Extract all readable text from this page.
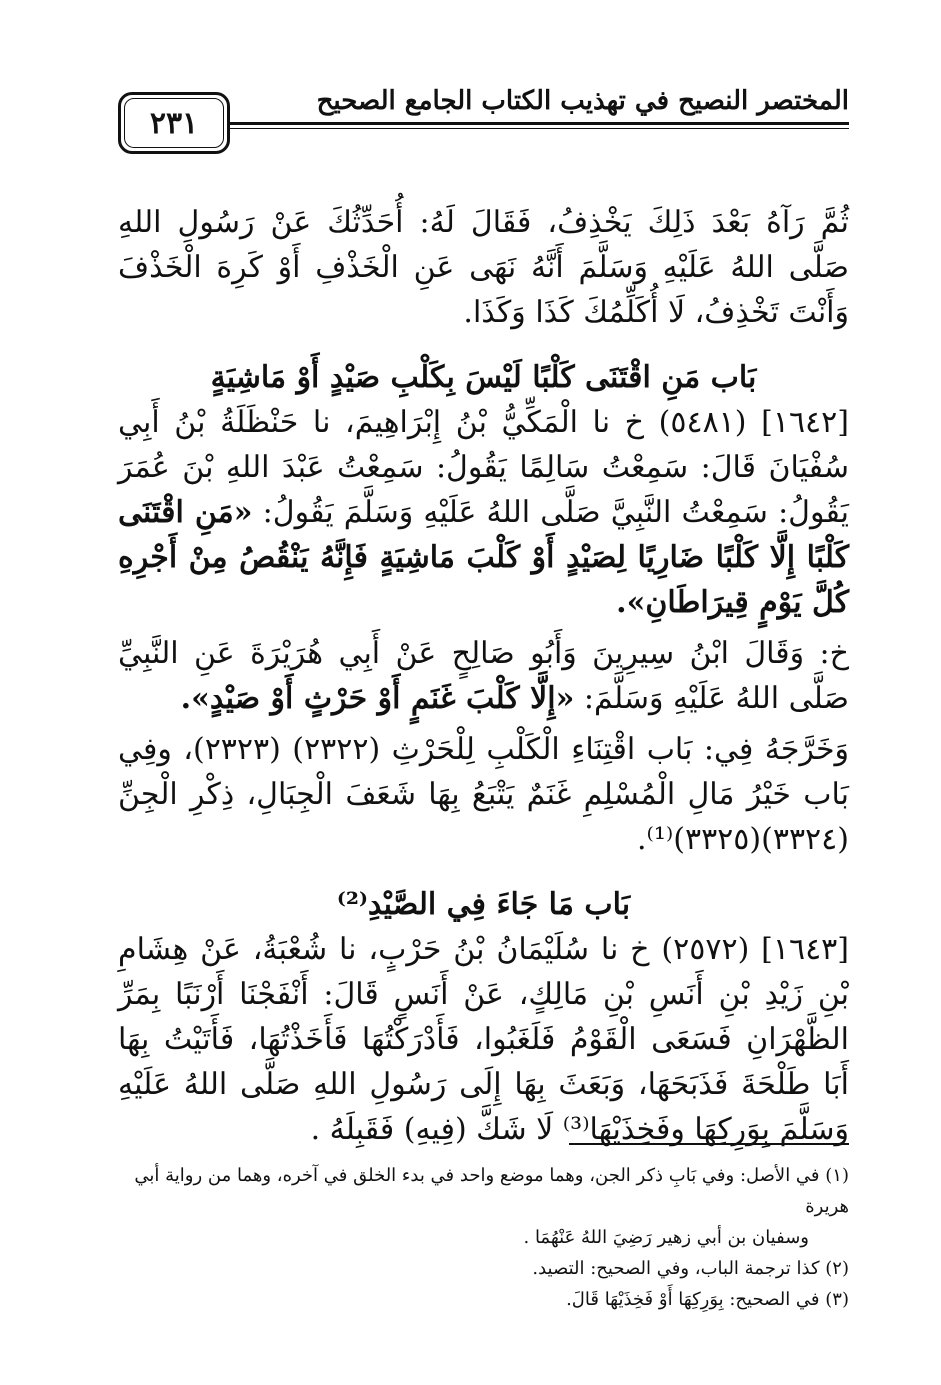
المختصر النصيح في تهذيب الكتاب الجامع الصحيح
٢٣١

ثُمَّ رَآهُ بَعْدَ ذَلِكَ يَخْذِفُ، فَقَالَ لَهُ: أُحَدِّثُكَ عَنْ رَسُولِ اللهِ صَلَّى اللهُ عَلَيْهِ وَسَلَّمَ أَنَّهُ نَهَى عَنِ الْخَذْفِ أَوْ كَرِهَ الْخَذْفَ وَأَنْتَ تَخْذِفُ، لَا أُكَلِّمُكَ كَذَا وَكَذَا.

بَاب مَنِ اقْتَنَى كَلْبًا لَيْسَ بِكَلْبِ صَيْدٍ أَوْ مَاشِيَةٍ

[١٦٤٢] (٥٤٨١) خ نا الْمَكِّيُّ بْنُ إِبْرَاهِيمَ، نا حَنْظَلَةُ بْنُ أَبِي سُفْيَانَ قَالَ: سَمِعْتُ سَالِمًا يَقُولُ: سَمِعْتُ عَبْدَ اللهِ بْنَ عُمَرَ يَقُولُ: سَمِعْتُ النَّبِيَّ صَلَّى اللهُ عَلَيْهِ وَسَلَّمَ يَقُولُ: «مَنِ اقْتَنَى كَلْبًا إِلَّا كَلْبًا ضَارِيًا لِصَيْدٍ أَوْ كَلْبَ مَاشِيَةٍ فَإِنَّهُ يَنْقُصُ مِنْ أَجْرِهِ كُلَّ يَوْمٍ قِيرَاطَانِ».

خ: وَقَالَ ابْنُ سِيرِينَ وَأَبُو صَالِحٍ عَنْ أَبِي هُرَيْرَةَ عَنِ النَّبِيِّ صَلَّى اللهُ عَلَيْهِ وَسَلَّمَ: «إِلَّا كَلْبَ غَنَمٍ أَوْ حَرْثٍ أَوْ صَيْدٍ».

وَخَرَّجَهُ فِي: بَاب اقْتِنَاءِ الْكَلْبِ لِلْحَرْثِ (٢٣٢٢) (٢٣٢٣)، وفِي بَاب خَيْرُ مَالِ الْمُسْلِمِ غَنَمٌ يَتْبَعُ بِهَا شَعَفَ الْجِبَالِ، ذِكْرِ الْجِنِّ (٣٣٢٤)(٣٣٢٥)⁽¹⁾.

بَاب مَا جَاءَ فِي الصَّيْدِ⁽²⁾

[١٦٤٣] (٢٥٧٢) خ نا سُلَيْمَانُ بْنُ حَرْبٍ، نا شُعْبَةُ، عَنْ هِشَامِ بْنِ زَيْدِ بْنِ أَنَسِ بْنِ مَالِكٍ، عَنْ أَنَسٍ قَالَ: أَنْفَجْنَا أَرْنَبًا بِمَرِّ الظَّهْرَانِ فَسَعَى الْقَوْمُ فَلَغَبُوا، فَأَدْرَكْتُهَا فَأَخَذْتُهَا، فَأَتَيْتُ بِهَا أَبَا طَلْحَةَ فَذَبَحَهَا، وَبَعَثَ بِهَا إِلَى رَسُولِ اللهِ صَلَّى اللهُ عَلَيْهِ وَسَلَّمَ بِوَرِكِهَا وفَخِذَيْهَا⁽³⁾ لَا شَكَّ (فِيهِ) فَقَبِلَهُ .

(١) في الأصل: وفي بَابِ ذكر الجن، وهما موضع واحد في بدء الخلق في آخره، وهما من رواية أبي هريرة

وسفيان بن أبي زهير رَضِيَ اللهُ عَنْهُمَا .

(٢) كذا ترجمة الباب، وفي الصحيح: التصيد.

(٣) في الصحيح: بِوَرِكِهَا أَوْ فَخِذَيْهَا قَالَ.
